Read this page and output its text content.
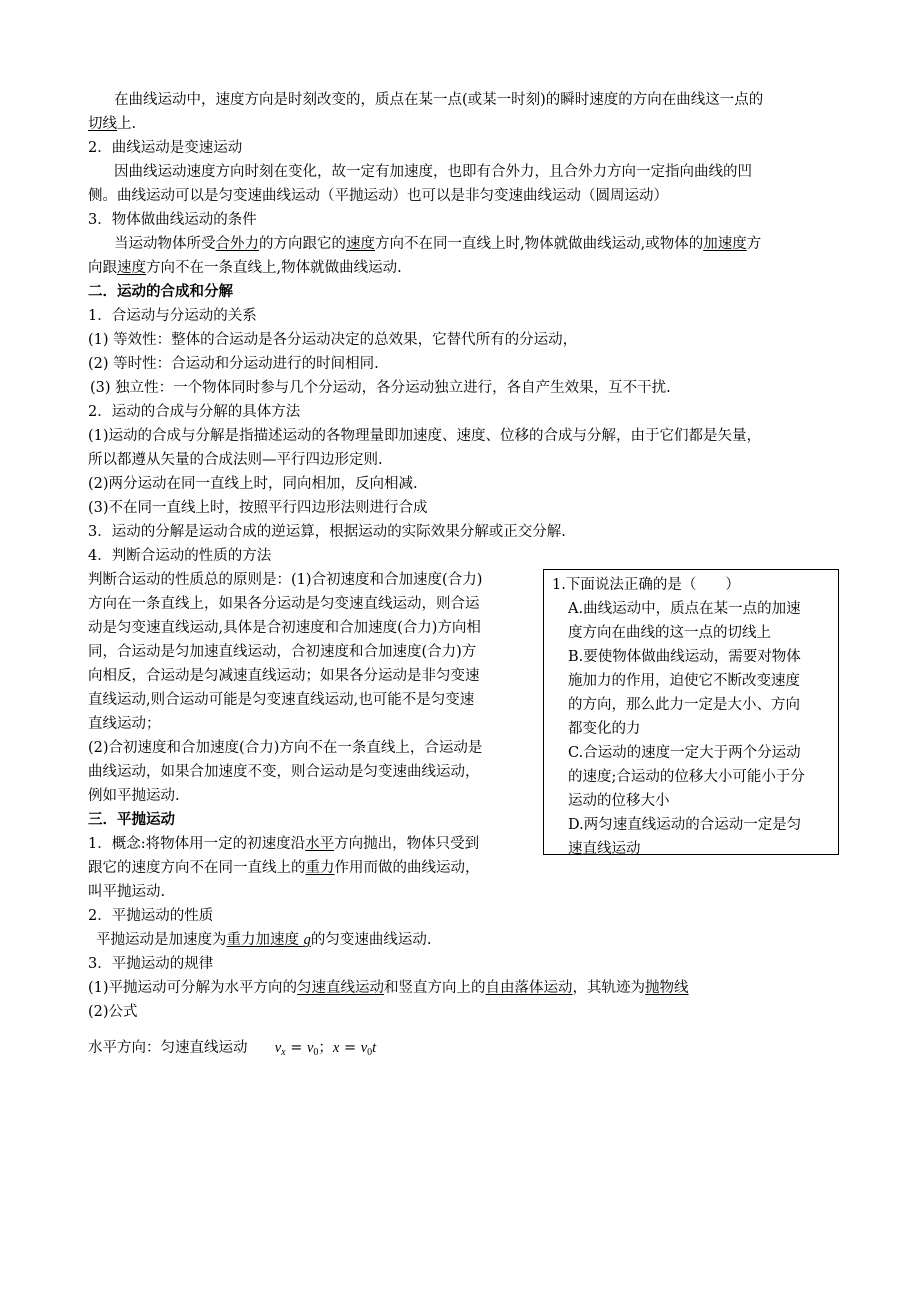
在曲线运动中，速度方向是时刻改变的，质点在某一点(或某一时刻)的瞬时速度的方向在曲线这一点的
切线上.
2．曲线运动是变速运动
因曲线运动速度方向时刻在变化，故一定有加速度，也即有合外力，且合外力方向一定指向曲线的凹
侧。曲线运动可以是匀变速曲线运动（平抛运动）也可以是非匀变速曲线运动（圆周运动）
3．物体做曲线运动的条件
当运动物体所受合外力的方向跟它的速度方向不在同一直线上时,物体就做曲线运动,或物体的加速度方
向跟速度方向不在一条直线上,物体就做曲线运动.
二．运动的合成和分解
1．合运动与分运动的关系
(1) 等效性：整体的合运动是各分运动决定的总效果，它替代所有的分运动，
(2) 等时性：合运动和分运动进行的时间相同.
(3) 独立性：一个物体同时参与几个分运动，各分运动独立进行，各自产生效果，互不干扰.
2．运动的合成与分解的具体方法
(1)运动的合成与分解是指描述运动的各物理量即加速度、速度、位移的合成与分解，由于它们都是矢量，
所以都遵从矢量的合成法则—平行四边形定则.
(2)两分运动在同一直线上时，同向相加，反向相减.
(3)不在同一直线上时，按照平行四边形法则进行合成
3．运动的分解是运动合成的逆运算，根据运动的实际效果分解或正交分解.
4．判断合运动的性质的方法
判断合运动的性质总的原则是：(1)合初速度和合加速度(合力)
方向在一条直线上，如果各分运动是匀变速直线运动，则合运
动是匀变速直线运动,具体是合初速度和合加速度(合力)方向相
同，合运动是匀加速直线运动，合初速度和合加速度(合力)方
向相反，合运动是匀减速直线运动；如果各分运动是非匀变速
直线运动,则合运动可能是匀变速直线运动,也可能不是匀变速
直线运动；
(2)合初速度和合加速度(合力)方向不在一条直线上，合运动是
曲线运动，如果合加速度不变，则合运动是匀变速曲线运动，
例如平抛运动.
三．平抛运动
1．概念:将物体用一定的初速度沿水平方向抛出，物体只受到
跟它的速度方向不在同一直线上的重力作用而做的曲线运动，
叫平抛运动.
1.下面说法正确的是（　　）
A.曲线运动中，质点在某一点的加速
度方向在曲线的这一点的切线上
B.要使物体做曲线运动，需要对物体
施加力的作用，迫使它不断改变速度
的方向，那么此力一定是大小、方向
都变化的力
C.合运动的速度一定大于两个分运动
的速度;合运动的位移大小可能小于分
运动的位移大小
D.两匀速直线运动的合运动一定是匀
速直线运动
2．平抛运动的性质
平抛运动是加速度为重力加速度 g的匀变速曲线运动.
3．平抛运动的规律
(1)平抛运动可分解为水平方向的匀速直线运动和竖直方向上的自由落体运动，其轨迹为抛物线
(2)公式
水平方向：匀速直线运动 $v_x = v_0$；$x = v_0t$
